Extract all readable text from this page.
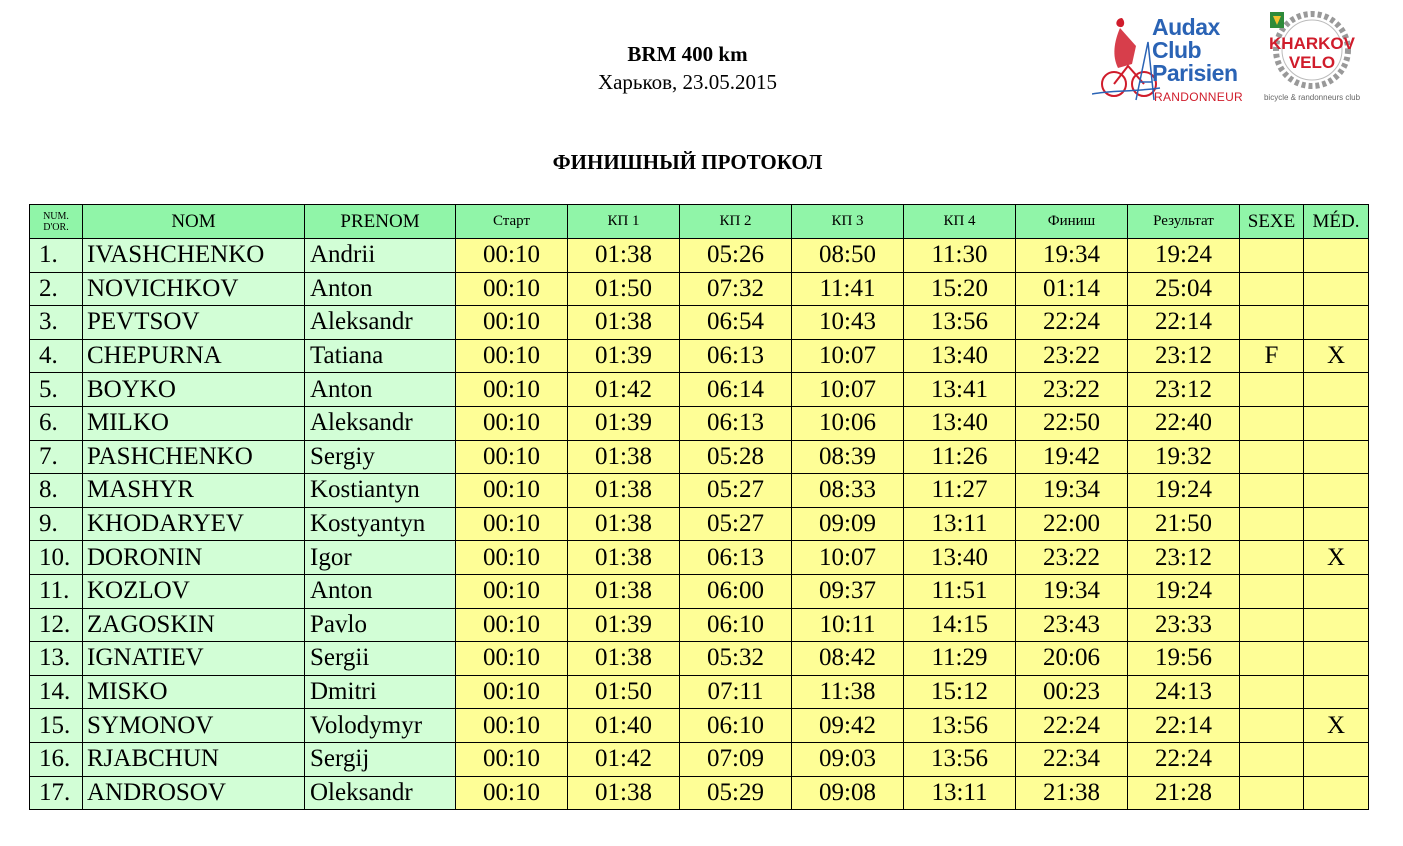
BRM 400 km
Харьков, 23.05.2015
ФИНИШНЫЙ ПРОТОКОЛ
Audax
Club
Parisien
RANDONNEUR
KHARKOV
VELO
bicycle & randonneurs club
NUM.
D'OR.	NOM	PRENOM	Старт	КП 1	КП 2	КП 3	КП 4	Финиш	Результат	SEXE	MÉD.
1.	IVASHCHENKO	Andrii	00:10	01:38	05:26	08:50	11:30	19:34	19:24		
2.	NOVICHKOV	Anton	00:10	01:50	07:32	11:41	15:20	01:14	25:04		
3.	PEVTSOV	Aleksandr	00:10	01:38	06:54	10:43	13:56	22:24	22:14		
4.	CHEPURNA	Tatiana	00:10	01:39	06:13	10:07	13:40	23:22	23:12	F	X
5.	BOYKO	Anton	00:10	01:42	06:14	10:07	13:41	23:22	23:12		
6.	MILKO	Aleksandr	00:10	01:39	06:13	10:06	13:40	22:50	22:40		
7.	PASHCHENKO	Sergiy	00:10	01:38	05:28	08:39	11:26	19:42	19:32		
8.	MASHYR	Kostiantyn	00:10	01:38	05:27	08:33	11:27	19:34	19:24		
9.	KHODARYEV	Kostyantyn	00:10	01:38	05:27	09:09	13:11	22:00	21:50		
10.	DORONIN	Igor	00:10	01:38	06:13	10:07	13:40	23:22	23:12		X
11.	KOZLOV	Anton	00:10	01:38	06:00	09:37	11:51	19:34	19:24		
12.	ZAGOSKIN	Pavlo	00:10	01:39	06:10	10:11	14:15	23:43	23:33		
13.	IGNATIEV	Sergii	00:10	01:38	05:32	08:42	11:29	20:06	19:56		
14.	MISKO	Dmitri	00:10	01:50	07:11	11:38	15:12	00:23	24:13		
15.	SYMONOV	Volodymyr	00:10	01:40	06:10	09:42	13:56	22:24	22:14		X
16.	RJABCHUN	Sergij	00:10	01:42	07:09	09:03	13:56	22:34	22:24		
17.	ANDROSOV	Oleksandr	00:10	01:38	05:29	09:08	13:11	21:38	21:28		
